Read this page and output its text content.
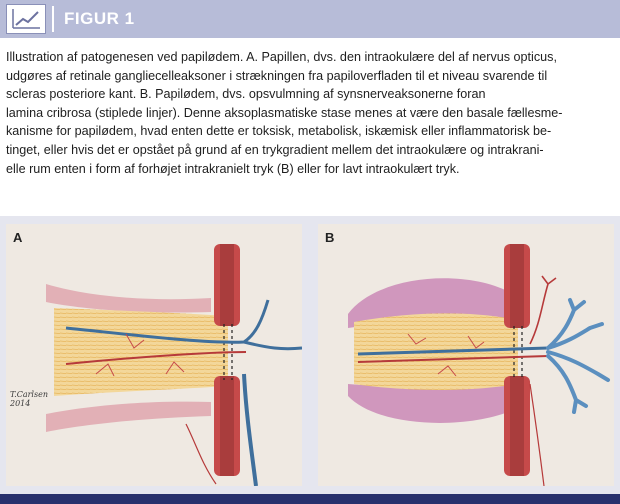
FIGUR 1

Illustration af patogenesen ved papilødem. A. Papillen, dvs. den intraokulære del af nervus opticus,

udgøres af retinale gangliecelleaksoner i strækningen fra papiloverfladen til et niveau svarende til

scleras posteriore kant. B. Papilødem, dvs. opsvulmning af synsnerveaksonerne foran

lamina cribrosa (stiplede linjer). Denne aksoplasmatiske stase menes at være den basale fællesme-

kanisme for papilødem, hvad enten dette er toksisk, metabolisk, iskæmisk eller inflammatorisk be-

tinget, eller hvis det er opstået på grund af en trykgradient mellem det intraokulære og intrakrani-

elle rum enten i form af forhøjet intrakranielt tryk (B) eller for lavt intraokulært tryk.

A
T.Carlsen
2014
B
